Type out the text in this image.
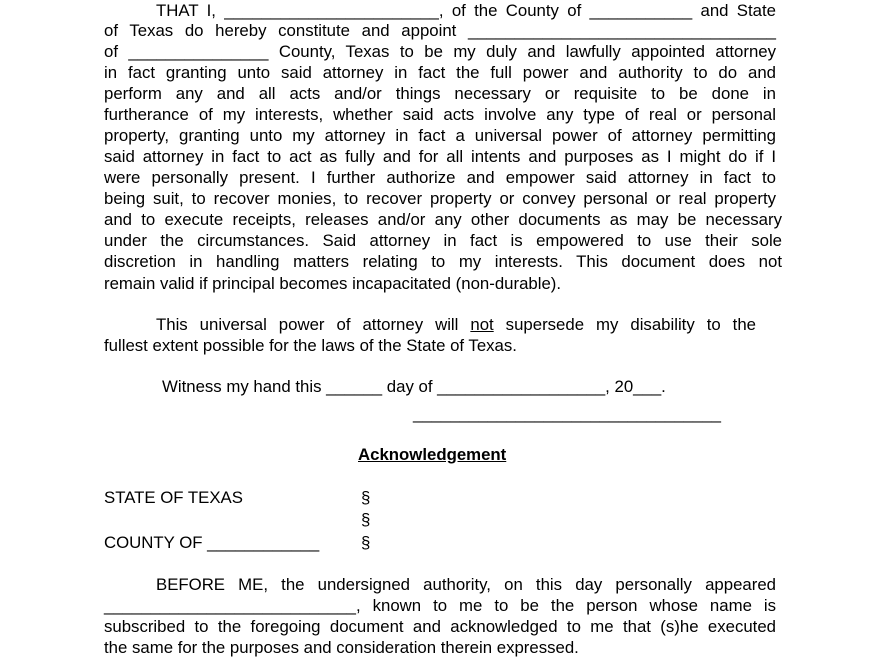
THAT I, _______________________, of the County of ___________ and State
of Texas do hereby constitute and appoint _________________________________
of _______________ County, Texas to be my duly and lawfully appointed attorney
in fact granting unto said attorney in fact the full power and authority to do and
perform any and all acts and/or things necessary or requisite to be done in
furtherance of my interests, whether said acts involve any type of real or personal
property, granting unto my attorney in fact a universal power of attorney permitting
said attorney in fact to act as fully and for all intents and purposes as I might do if I
were personally present. I further authorize and empower said attorney in fact to
being suit, to recover monies, to recover property or convey personal or real property
and to execute receipts, releases and/or any other documents as may be necessary
under the circumstances. Said attorney in fact is empowered to use their sole
discretion in handling matters relating to my interests. This document does not
remain valid if principal becomes incapacitated (non-durable).
This universal power of attorney will not supersede my disability to the
fullest extent possible for the laws of the State of Texas.
Witness my hand this ______ day of __________________, 20___.
_________________________________
Acknowledgement
STATE OF TEXAS	§
§
COUNTY OF ____________ §
BEFORE ME, the undersigned authority, on this day personally appeared
___________________________, known to me to be the person whose name is
subscribed to the foregoing document and acknowledged to me that (s)he executed
the same for the purposes and consideration therein expressed.
